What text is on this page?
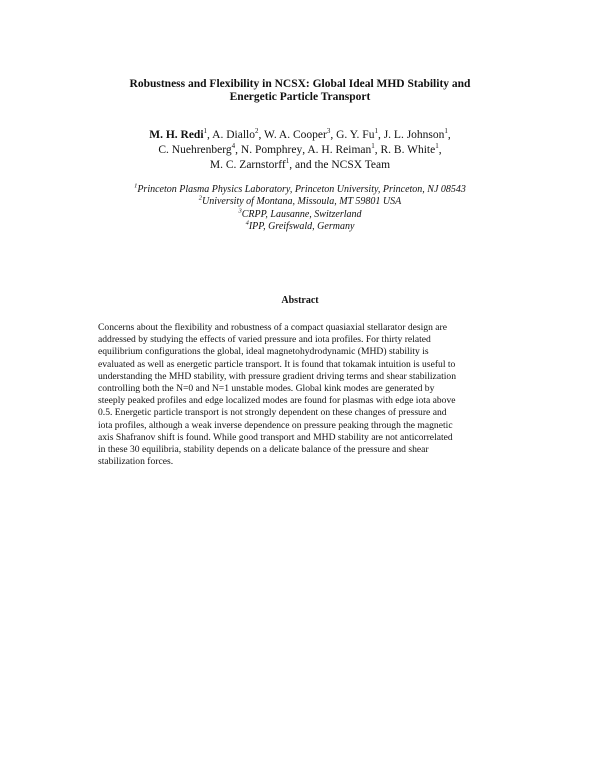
Robustness and Flexibility in NCSX: Global Ideal MHD Stability and
Energetic Particle Transport
M. H. Redi$^1$, A. Diallo$^2$, W. A. Cooper$^3$, G. Y. Fu$^1$, J. L. Johnson$^1$,
C. Nuehrenberg$^4$, N. Pomphrey, A. H. Reiman$^1$, R. B. White$^1$,
M. C. Zarnstorff$^1$, and the NCSX Team
$^1$Princeton Plasma Physics Laboratory, Princeton University, Princeton, NJ 08543
$^2$University of Montana, Missoula, MT 59801 USA
$^3$CRPP, Lausanne, Switzerland
$^4$IPP, Greifswald, Germany
Abstract
Concerns about the flexibility and robustness of a compact quasiaxial stellarator design are
addressed by studying the effects of varied pressure and iota profiles. For thirty related
equilibrium configurations the global, ideal magnetohydrodynamic (MHD) stability is
evaluated as well as energetic particle transport. It is found that tokamak intuition is useful to
understanding the MHD stability, with pressure gradient driving terms and shear stabilization
controlling both the N=0 and N=1 unstable modes. Global kink modes are generated by
steeply peaked profiles and edge localized modes are found for plasmas with edge iota above
0.5. Energetic particle transport is not strongly dependent on these changes of pressure and
iota profiles, although a weak inverse dependence on pressure peaking through the magnetic
axis Shafranov shift is found. While good transport and MHD stability are not anticorrelated
in these 30 equilibria, stability depends on a delicate balance of the pressure and shear
stabilization forces.
